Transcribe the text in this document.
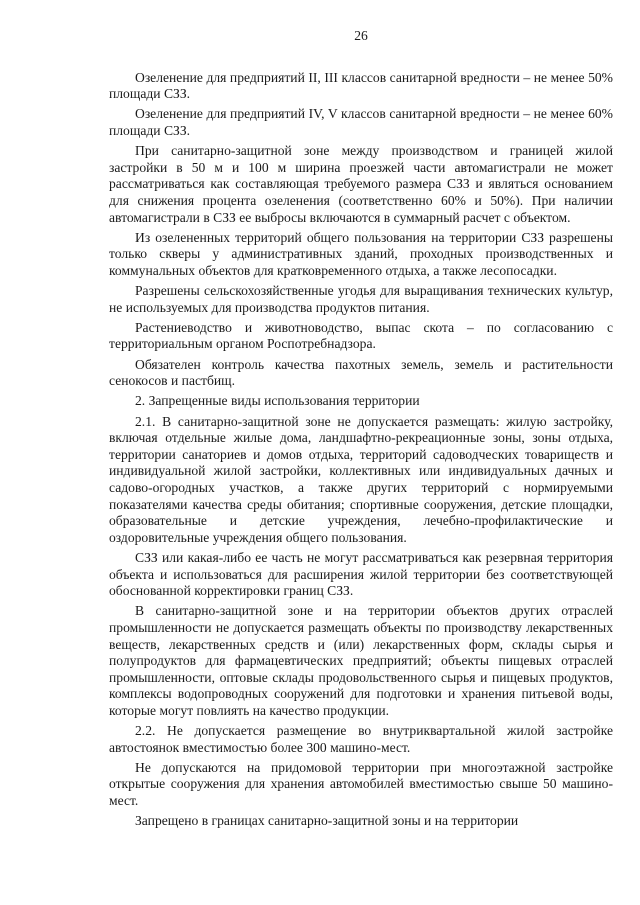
26

Озеленение для предприятий II, III классов санитарной вредности – не менее 50% площади СЗЗ.

Озеленение для предприятий IV, V классов санитарной вредности – не менее 60% площади СЗЗ.

При санитарно-защитной зоне между производством и границей жилой застройки в 50 м и 100 м ширина проезжей части автомагистрали не может рассматриваться как составляющая требуемого размера СЗЗ и являться основанием для снижения процента озеленения (соответственно 60% и 50%). При наличии автомагистрали в СЗЗ ее выбросы включаются в суммарный расчет с объектом.

Из озелененных территорий общего пользования на территории СЗЗ разрешены только скверы у административных зданий, проходных производственных и коммунальных объектов для кратковременного отдыха, а также лесопосадки.

Разрешены сельскохозяйственные угодья для выращивания технических культур, не используемых для производства продуктов питания.

Растениеводство и животноводство, выпас скота – по согласованию с территориальным органом Роспотребнадзора.

Обязателен контроль качества пахотных земель, земель и растительности сенокосов и пастбищ.

2. Запрещенные виды использования территории

2.1. В санитарно-защитной зоне не допускается размещать: жилую застройку, включая отдельные жилые дома, ландшафтно-рекреационные зоны, зоны отдыха, территории санаториев и домов отдыха, территорий садоводческих товариществ и индивидуальной жилой застройки, коллективных или индивидуальных дачных и садово-огородных участков, а также других территорий с нормируемыми показателями качества среды обитания; спортивные сооружения, детские площадки, образовательные и детские учреждения, лечебно-профилактические и оздоровительные учреждения общего пользования.

СЗЗ или какая-либо ее часть не могут рассматриваться как резервная территория объекта и использоваться для расширения жилой территории без соответствующей обоснованной корректировки границ СЗЗ.

В санитарно-защитной зоне и на территории объектов других отраслей промышленности не допускается размещать объекты по производству лекарственных веществ, лекарственных средств и (или) лекарственных форм, склады сырья и полупродуктов для фармацевтических предприятий; объекты пищевых отраслей промышленности, оптовые склады продовольственного сырья и пищевых продуктов, комплексы водопроводных сооружений для подготовки и хранения питьевой воды, которые могут повлиять на качество продукции.

2.2. Не допускается размещение во внутриквартальной жилой застройке автостоянок вместимостью более 300 машино-мест.

Не допускаются на придомовой территории при многоэтажной застройке открытые сооружения для хранения автомобилей вместимостью свыше 50 машино-мест.

Запрещено в границах санитарно-защитной зоны и на территории
